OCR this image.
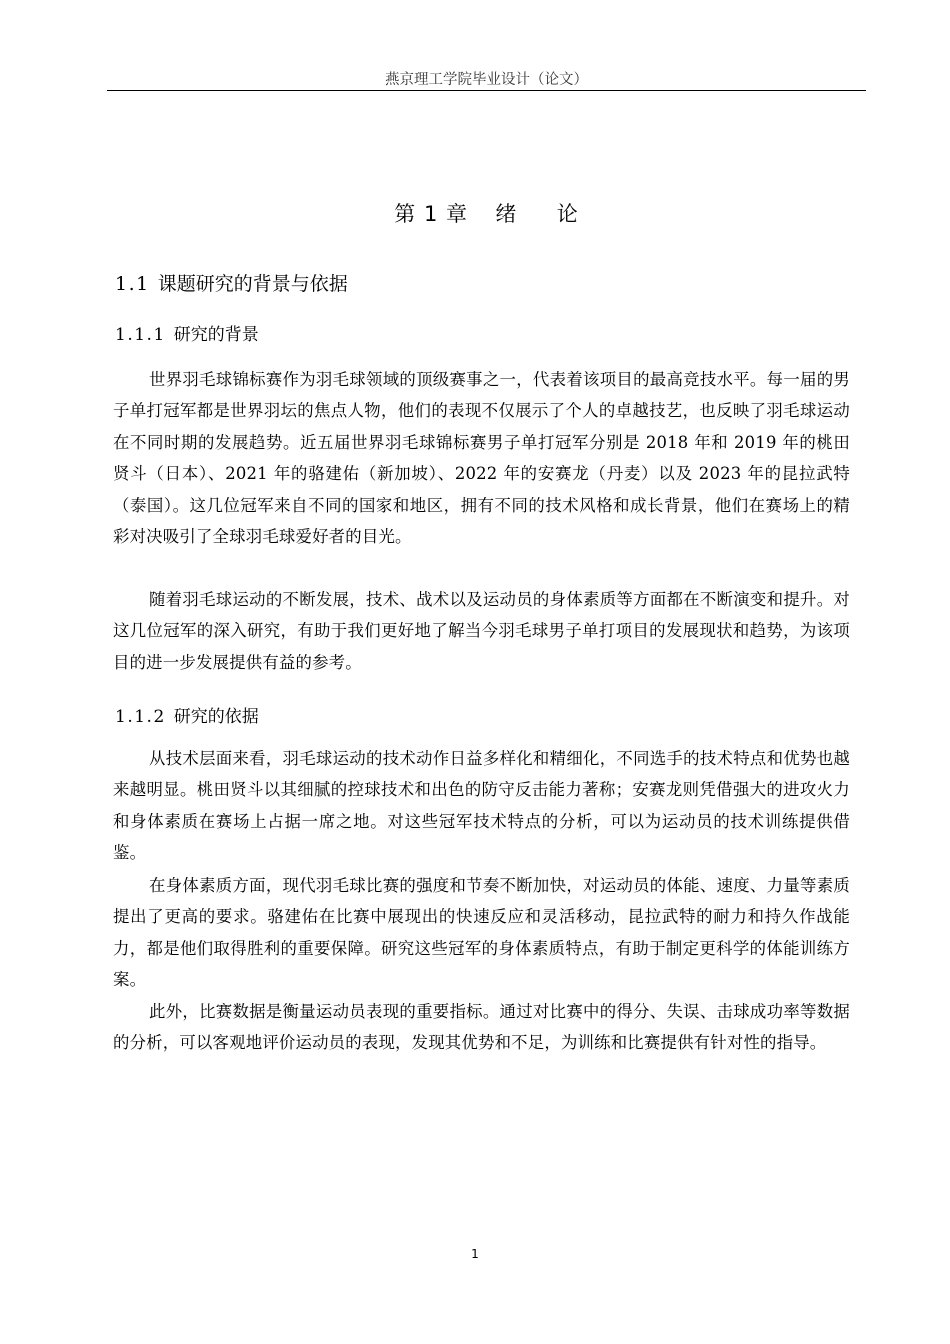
燕京理工学院毕业设计（论文）
第 1 章 绪 论
1.1 课题研究的背景与依据
1.1.1 研究的背景

世界羽毛球锦标赛作为羽毛球领域的顶级赛事之一，代表着该项目的最高竞技水平。每一届的男子单打冠军都是世界羽坛的焦点人物，他们的表现不仅展示了个人的卓越技艺，也反映了羽毛球运动在不同时期的发展趋势。近五届世界羽毛球锦标赛男子单打冠军分别是 2018 年和 2019 年的桃田贤斗（日本）、2021 年的骆建佑（新加坡）、2022 年的安赛龙（丹麦）以及 2023 年的昆拉武特（泰国）。这几位冠军来自不同的国家和地区，拥有不同的技术风格和成长背景，他们在赛场上的精彩对决吸引了全球羽毛球爱好者的目光。

随着羽毛球运动的不断发展，技术、战术以及运动员的身体素质等方面都在不断演变和提升。对这几位冠军的深入研究，有助于我们更好地了解当今羽毛球男子单打项目的发展现状和趋势，为该项目的进一步发展提供有益的参考。

1.1.2 研究的依据

从技术层面来看，羽毛球运动的技术动作日益多样化和精细化，不同选手的技术特点和优势也越来越明显。桃田贤斗以其细腻的控球技术和出色的防守反击能力著称；安赛龙则凭借强大的进攻火力和身体素质在赛场上占据一席之地。对这些冠军技术特点的分析，可以为运动员的技术训练提供借鉴。

在身体素质方面，现代羽毛球比赛的强度和节奏不断加快，对运动员的体能、速度、力量等素质提出了更高的要求。骆建佑在比赛中展现出的快速反应和灵活移动，昆拉武特的耐力和持久作战能力，都是他们取得胜利的重要保障。研究这些冠军的身体素质特点，有助于制定更科学的体能训练方案。

此外，比赛数据是衡量运动员表现的重要指标。通过对比赛中的得分、失误、击球成功率等数据的分析，可以客观地评价运动员的表现，发现其优势和不足，为训练和比赛提供有针对性的指导。

1
